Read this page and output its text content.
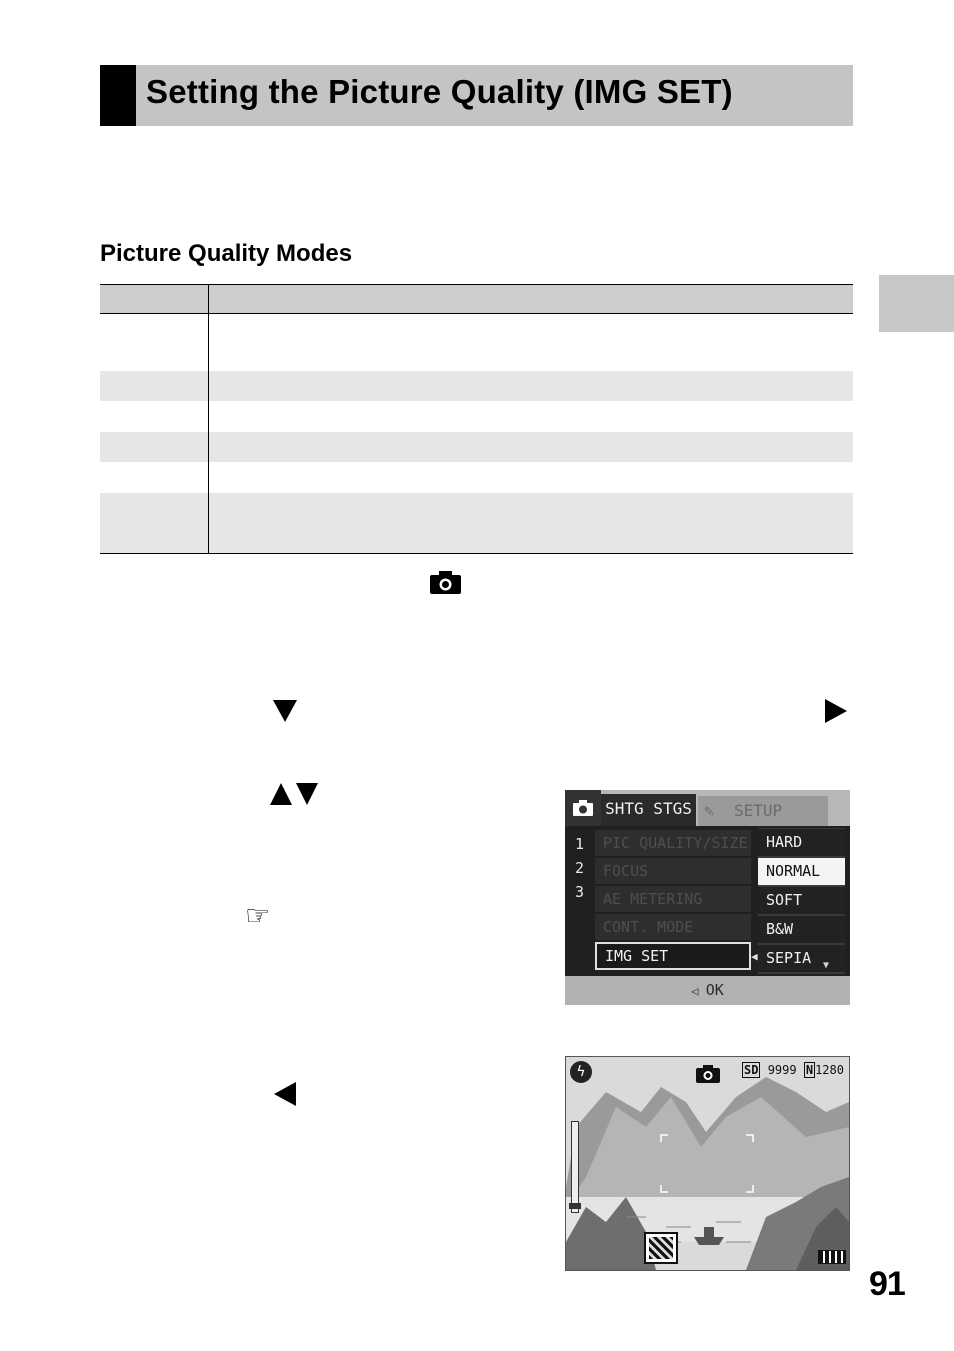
Setting the Picture Quality (IMG SET)
Picture Quality Modes
☞
SHTG STGS ✎ SETUP
1
2
3
PIC QUALITY/SIZE
FOCUS
AE METERING
CONT. MODE
IMG SET	◀
HARD
NORMAL
SOFT
B&W
SEPIA	▼
◁ OK
ϟ	SD 9999 N 1280
91
